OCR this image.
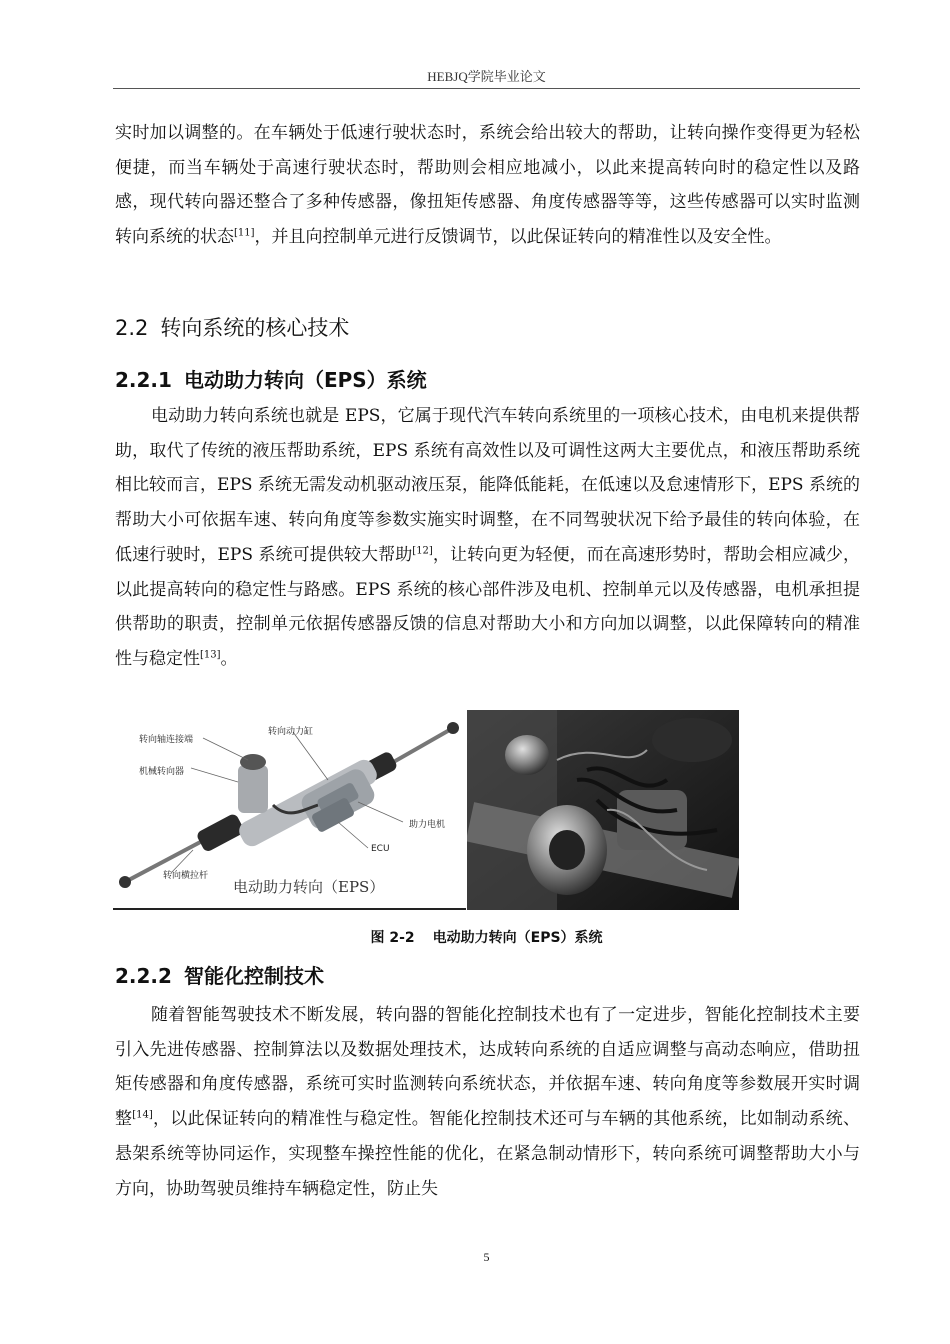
HEBJQ学院毕业论文

实时加以调整的。在车辆处于低速行驶状态时，系统会给出较大的帮助，让转向操作变得更为轻松便捷，而当车辆处于高速行驶状态时，帮助则会相应地减小，以此来提高转向时的稳定性以及路感，现代转向器还整合了多种传感器，像扭矩传感器、角度传感器等等，这些传感器可以实时监测转向系统的状态[11]，并且向控制单元进行反馈调节，以此保证转向的精准性以及安全性。

2.2 转向系统的核心技术
2.2.1 电动助力转向（EPS）系统

电动助力转向系统也就是 EPS，它属于现代汽车转向系统里的一项核心技术，由电机来提供帮助，取代了传统的液压帮助系统，EPS 系统有高效性以及可调性这两大主要优点，和液压帮助系统相比较而言，EPS 系统无需发动机驱动液压泵，能降低能耗，在低速以及怠速情形下，EPS 系统的帮助大小可依据车速、转向角度等参数实施实时调整，在不同驾驶状况下给予最佳的转向体验，在低速行驶时，EPS 系统可提供较大帮助[12]，让转向更为轻便，而在高速形势时，帮助会相应减少，以此提高转向的稳定性与路感。EPS 系统的核心部件涉及电机、控制单元以及传感器，电机承担提供帮助的职责，控制单元依据传感器反馈的信息对帮助大小和方向加以调整，以此保障转向的精准性与稳定性[13]。

转向轴连接端
转向动力缸
机械转向器
助力电机
ECU
转向横拉杆
电动助力转向（EPS）
图 2-2 电动助力转向（EPS）系统
2.2.2 智能化控制技术

随着智能驾驶技术不断发展，转向器的智能化控制技术也有了一定进步，智能化控制技术主要引入先进传感器、控制算法以及数据处理技术，达成转向系统的自适应调整与高动态响应，借助扭矩传感器和角度传感器，系统可实时监测转向系统状态，并依据车速、转向角度等参数展开实时调整[14]，以此保证转向的精准性与稳定性。智能化控制技术还可与车辆的其他系统，比如制动系统、悬架系统等协同运作，实现整车操控性能的优化，在紧急制动情形下，转向系统可调整帮助大小与方向，协助驾驶员维持车辆稳定性，防止失

5
